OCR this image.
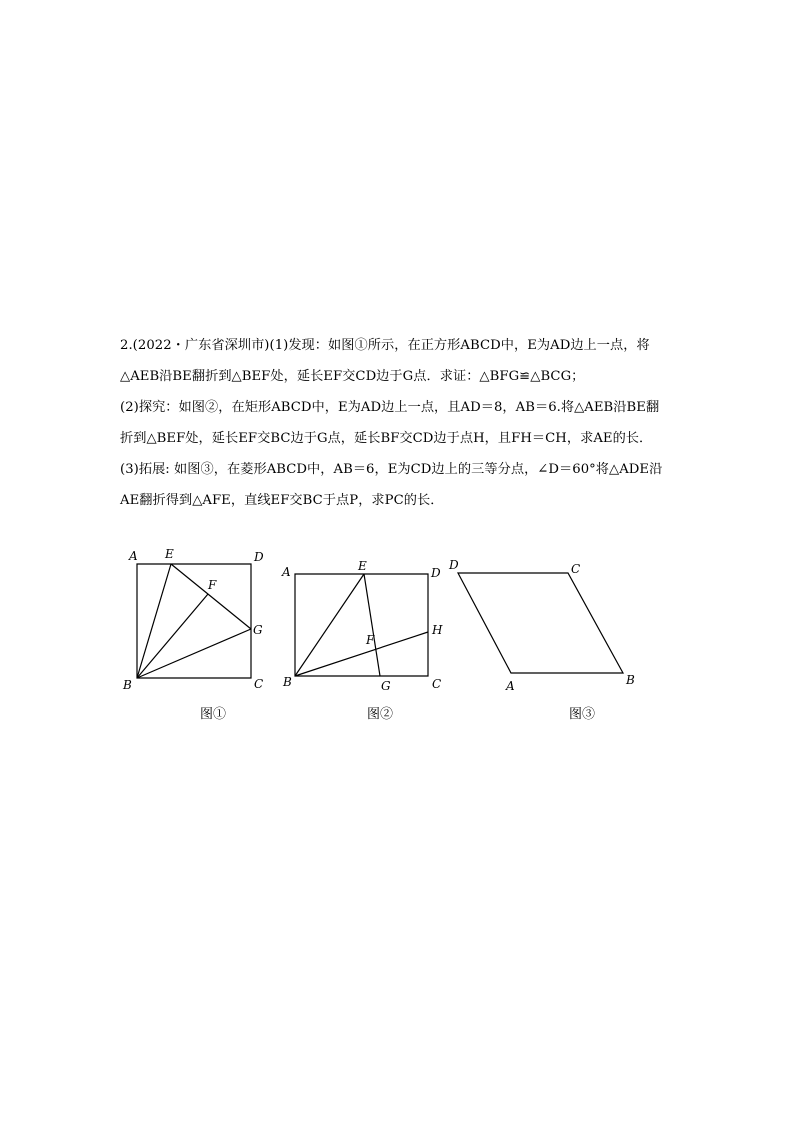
2.(2022・广东省深圳市)(1)发现：如图①所示，在正方形ABCD中，E为AD边上一点，将
△AEB沿BE翻折到△BEF处，延长EF交CD边于G点．求证：△BFG≌△BCG；
(2)探究：如图②，在矩形ABCD中，E为AD边上一点，且AD＝8，AB＝6.将△AEB沿BE翻
折到△BEF处，延长EF交BC边于G点，延长BF交CD边于点H，且FH＝CH，求AE的长．
(3)拓展: 如图③，在菱形ABCD中，AB＝6，E为CD边上的三等分点，∠D＝60°将△ADE沿
AE翻折得到△AFE，直线EF交BC于点P，求PC的长．
A E	D
F
G
B	C
图①
A	E	D
H
F
B	G	C
图②
D	C
A	B
图③
